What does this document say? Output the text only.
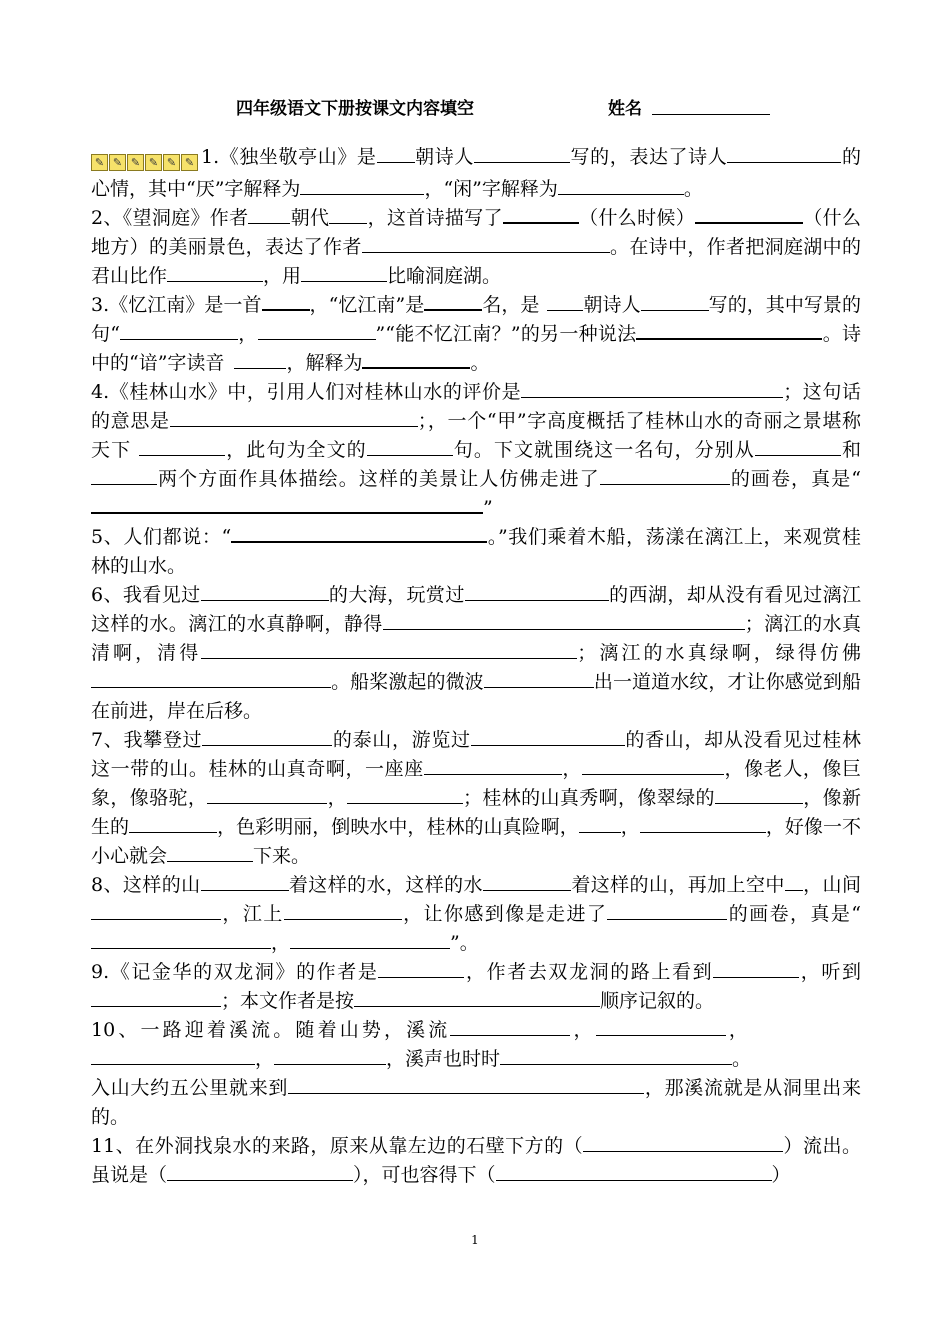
四年级语文下册按课文内容填空	姓名

✎ ✎ ✎ ✎ ✎ ✎ 1.《独坐敬亭山》是 朝诗人	写的，表达了诗人	的心情，其中“厌”字解释为	，“闲”字解释为	。

2、《望洞庭》作者 朝代 ，这首诗描写了	（什么时候）	（什么地方）的美丽景色，表达了作者	。在诗中，作者把洞庭湖中的君山比作	，用	比喻洞庭湖。

3.《忆江南》是一首	，“忆江南”是	名，是 朝诗人	写的，其中写景的句“	，	”“能不忆江南？”的另一种说法	。诗中的“谙”字读音	，解释为	。

4.《桂林山水》中，引用人们对桂林山水的评价是	；这句话的意思是	；，一个“甲”字高度概括了桂林山水的奇丽之景堪称天下	，此句为全文的	句。下文就围绕这一名句，分别从	和两个方面作具体描绘。这样的美景让人仿佛走进了	的画卷，真是“”

5、人们都说：“	。”我们乘着木船，荡漾在漓江上，来观赏桂林的山水。

6、我看见过	的大海，玩赏过	的西湖，却从没有看见过漓江这样的水。漓江的水真静啊，静得	；漓江的水真清啊，清得	；漓江的水真绿啊，绿得仿佛。船桨激起的微波	出一道道水纹，才让你感觉到船在前进，岸在后移。

7、我攀登过	的泰山，游览过	的香山，却从没看见过桂林这一带的山。桂林的山真奇啊，一座座	，	，像老人，像巨象，像骆驼，	，	；桂林的山真秀啊，像翠绿的	，像新生的	，色彩明丽，倒映水中，桂林的山真险啊， ，	，好像一不小心就会	下来。

8、这样的山	着这样的水，这样的水	着这样的山，再加上空中 ，山间，江上	，让你感到像是走进了	的画卷，真是“，	”。

9.《记金华的双龙洞》的作者是	，作者去双龙洞的路上看到	，听到；本文作者是按	顺序记叙的。

10、一路迎着溪流。随着山势，溪流	，	，，	，溪声也时时	。

入山大约五公里就来到	，那溪流就是从洞里出来的。

11、在外洞找泉水的来路，原来从靠左边的石壁下方的（	）流出。虽说是（	），可也容得下（	）

1
